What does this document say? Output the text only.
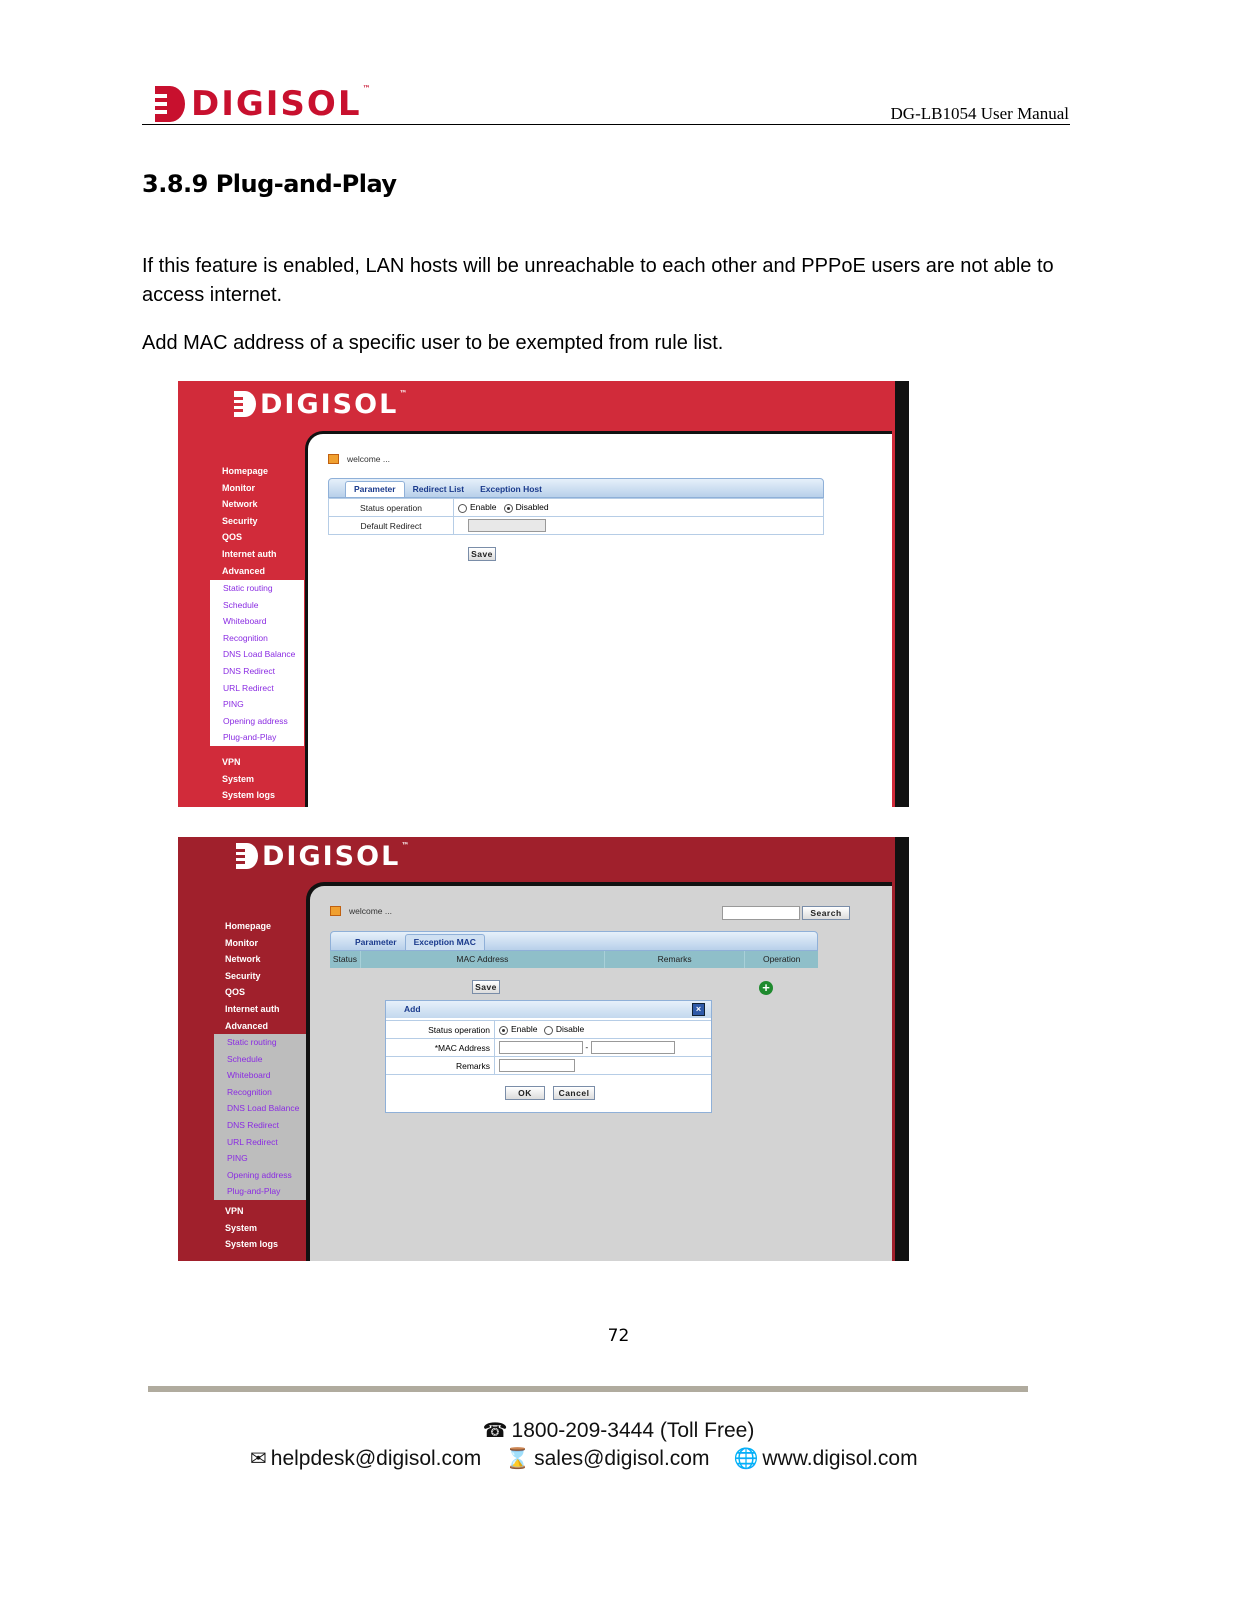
DIGISOL ™
DG-LB1054 User Manual
3.8.9 Plug-and-Play
If this feature is enabled, LAN hosts will be unreachable to each other and PPPoE users are not able to access internet.
Add MAC address of a specific user to be exempted from rule list.
DIGISOL ™
Homepage
Monitor
Network
Security
QOS
Internet auth
Advanced
Static routing
Schedule
Whiteboard
Recognition
DNS Load Balance
DNS Redirect
URL Redirect
PING
Opening address
Plug-and-Play
VPN
System
System logs
welcome ...
Parameter	Redirect List	Exception Host
Status operation	Enable Disabled
Default Redirect	
Save
DIGISOL ™
Homepage
Monitor
Network
Security
QOS
Internet auth
Advanced
Static routing
Schedule
Whiteboard
Recognition
DNS Load Balance
DNS Redirect
URL Redirect
PING
Opening address
Plug-and-Play
VPN
System
System logs
welcome ...	Search
Parameter	Exception MAC
Status	MAC Address	Remarks	Operation
Save	+
Add	×
Status operation	Enable Disable
*MAC Address	-
Remarks	
OK	Cancel
72
☎ 1800-209-3444 (Toll Free)
✉ helpdesk@digisol.com ⌛ sales@digisol.com 🌐 www.digisol.com
